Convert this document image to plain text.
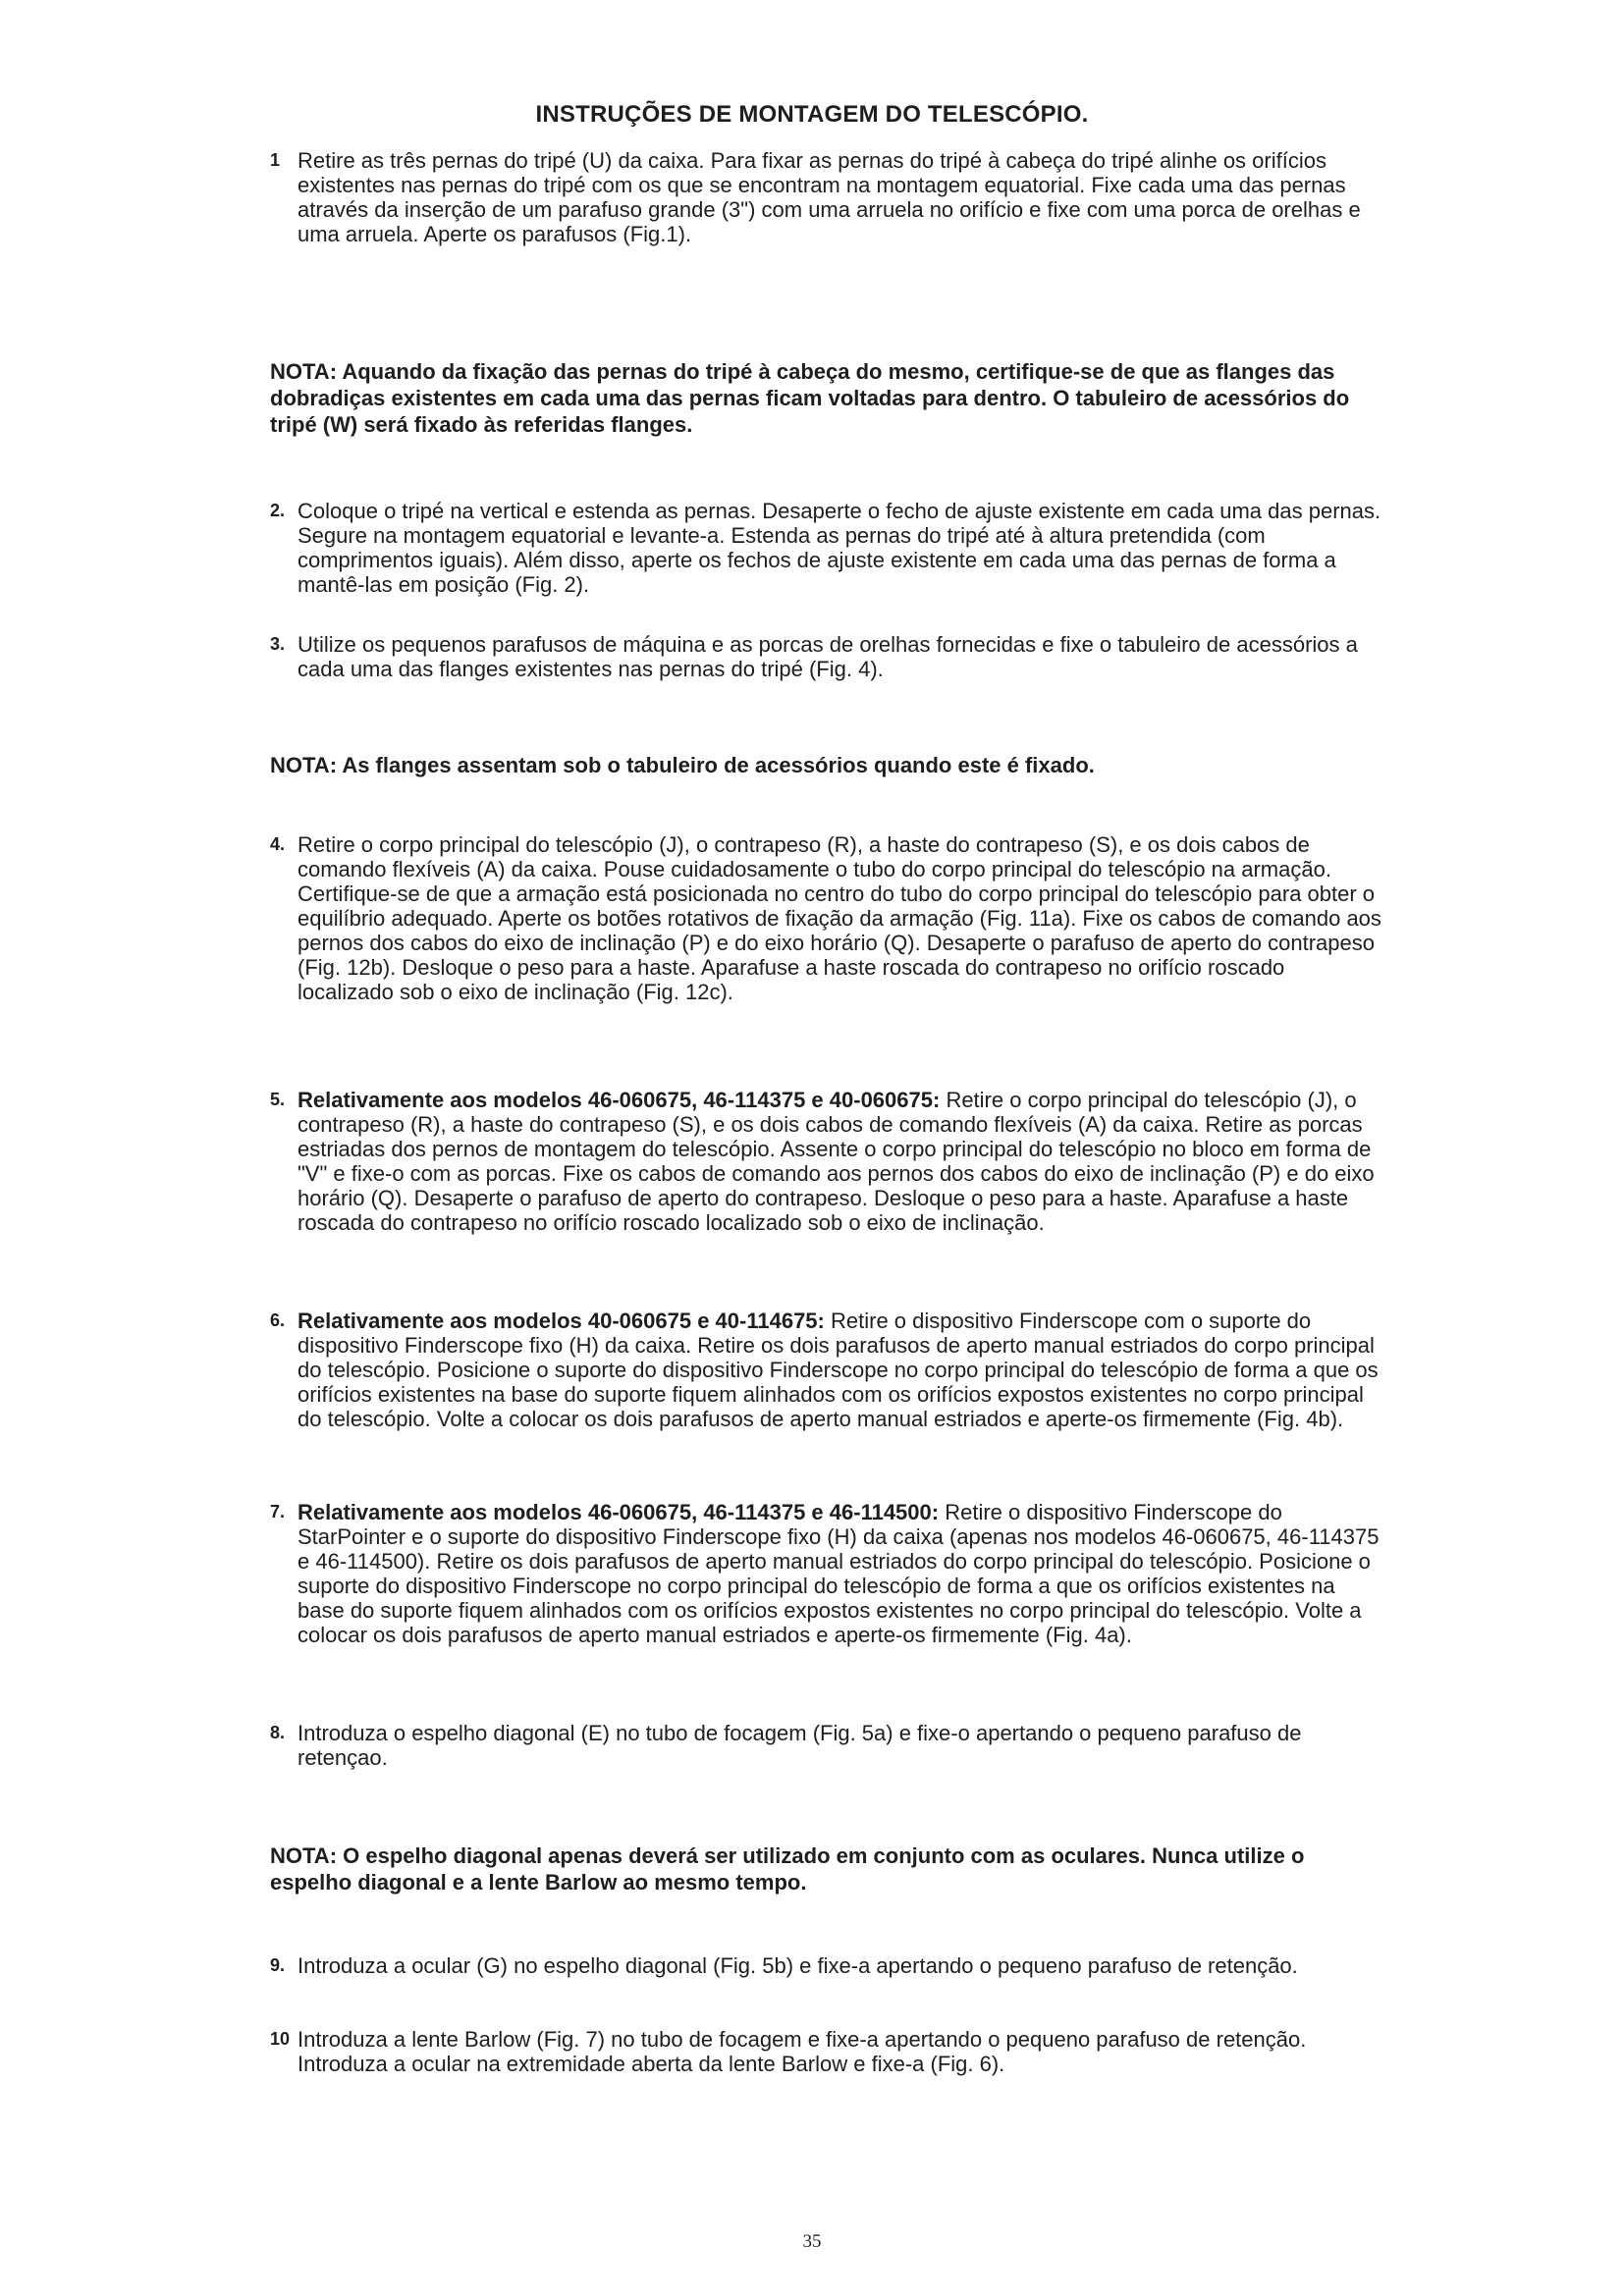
INSTRUÇÕES DE MONTAGEM DO TELESCÓPIO.
1 Retire as três pernas do tripé (U) da caixa. Para fixar as pernas do tripé à cabeça do tripé alinhe os orifícios existentes nas pernas do tripé com os que se encontram na montagem equatorial. Fixe cada uma das pernas através da inserção de um parafuso grande (3") com uma arruela no orifício e fixe com uma porca de orelhas e uma arruela. Aperte os parafusos (Fig.1).
NOTA: Aquando da fixação das pernas do tripé à cabeça do mesmo, certifique-se de que as flanges das dobradiças existentes em cada uma das pernas ficam voltadas para dentro. O tabuleiro de acessórios do tripé (W) será fixado às referidas flanges.
2. Coloque o tripé na vertical e estenda as pernas. Desaperte o fecho de ajuste existente em cada uma das pernas. Segure na montagem equatorial e levante-a. Estenda as pernas do tripé até à altura pretendida (com comprimentos iguais). Além disso, aperte os fechos de ajuste existente em cada uma das pernas de forma a mantê-las em posição (Fig. 2).
3. Utilize os pequenos parafusos de máquina e as porcas de orelhas fornecidas e fixe o tabuleiro de acessórios a cada uma das flanges existentes nas pernas do tripé (Fig. 4).
NOTA: As flanges assentam sob o tabuleiro de acessórios quando este é fixado.
4. Retire o corpo principal do telescópio (J), o contrapeso (R), a haste do contrapeso (S), e os dois cabos de comando flexíveis (A) da caixa. Pouse cuidadosamente o tubo do corpo principal do telescópio na armação. Certifique-se de que a armação está posicionada no centro do tubo do corpo principal do telescópio para obter o equilíbrio adequado. Aperte os botões rotativos de fixação da armação (Fig. 11a). Fixe os cabos de comando aos pernos dos cabos do eixo de inclinação (P) e do eixo horário (Q). Desaperte o parafuso de aperto do contrapeso (Fig. 12b). Desloque o peso para a haste. Aparafuse a haste roscada do contrapeso no orifício roscado localizado sob o eixo de inclinação (Fig. 12c).
5. Relativamente aos modelos 46-060675, 46-114375 e 40-060675: Retire o corpo principal do telescópio (J), o contrapeso (R), a haste do contrapeso (S), e os dois cabos de comando flexíveis (A) da caixa. Retire as porcas estriadas dos pernos de montagem do telescópio. Assente o corpo principal do telescópio no bloco em forma de "V" e fixe-o com as porcas. Fixe os cabos de comando aos pernos dos cabos do eixo de inclinação (P) e do eixo horário (Q). Desaperte o parafuso de aperto do contrapeso. Desloque o peso para a haste. Aparafuse a haste roscada do contrapeso no orifício roscado localizado sob o eixo de inclinação.
6. Relativamente aos modelos 40-060675 e 40-114675: Retire o dispositivo Finderscope com o suporte do dispositivo Finderscope fixo (H) da caixa. Retire os dois parafusos de aperto manual estriados do corpo principal do telescópio. Posicione o suporte do dispositivo Finderscope no corpo principal do telescópio de forma a que os orifícios existentes na base do suporte fiquem alinhados com os orifícios expostos existentes no corpo principal do telescópio. Volte a colocar os dois parafusos de aperto manual estriados e aperte-os firmemente (Fig. 4b).
7. Relativamente aos modelos 46-060675, 46-114375 e 46-114500: Retire o dispositivo Finderscope do StarPointer e o suporte do dispositivo Finderscope fixo (H) da caixa (apenas nos modelos 46-060675, 46-114375 e 46-114500). Retire os dois parafusos de aperto manual estriados do corpo principal do telescópio. Posicione o suporte do dispositivo Finderscope no corpo principal do telescópio de forma a que os orifícios existentes na base do suporte fiquem alinhados com os orifícios expostos existentes no corpo principal do telescópio. Volte a colocar os dois parafusos de aperto manual estriados e aperte-os firmemente (Fig. 4a).
8. Introduza o espelho diagonal (E) no tubo de focagem (Fig. 5a) e fixe-o apertando o pequeno parafuso de retençao.
NOTA: O espelho diagonal apenas deverá ser utilizado em conjunto com as oculares. Nunca utilize o espelho diagonal e a lente Barlow ao mesmo tempo.
9. Introduza a ocular (G) no espelho diagonal (Fig. 5b) e fixe-a apertando o pequeno parafuso de retenção.
10 Introduza a lente Barlow (Fig. 7) no tubo de focagem e fixe-a apertando o pequeno parafuso de retenção. Introduza a ocular na extremidade aberta da lente Barlow e fixe-a (Fig. 6).
35
